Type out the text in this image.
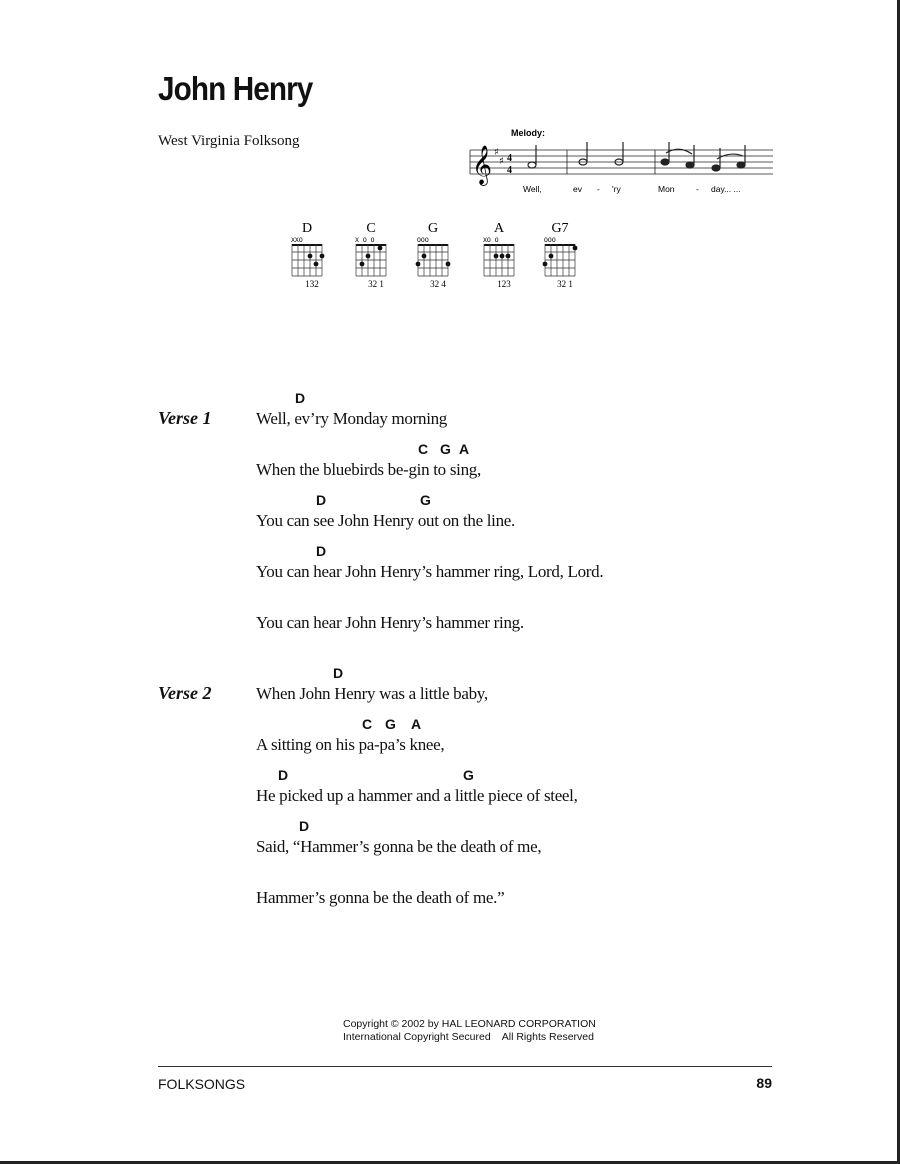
John Henry
West Virginia Folksong	Melody:
𝄞 ♯
♯ 4
4
Well,	ev - 'ry	Mon	- day... ...
D
XXO
132
C
X O O
32 1
G
OOO
32 4
A
XO O
123
G7
OOO
32 1
Verse 1
D
Well, ev’ry Monday morning
C G A
When the bluebirds be-gin to sing,
D	G
You can see John Henry out on the line.
D
You can hear John Henry’s hammer ring, Lord, Lord.
You can hear John Henry’s hammer ring.
Verse 2
D
When John Henry was a little baby,
C G A
A sitting on his pa-pa’s knee,
D	G
He picked up a hammer and a little piece of steel,
D
Said, “Hammer’s gonna be the death of me,
Hammer’s gonna be the death of me.”
Copyright © 2002 by HAL LEONARD CORPORATION
International Copyright Secured    All Rights Reserved
FOLKSONGS	89
